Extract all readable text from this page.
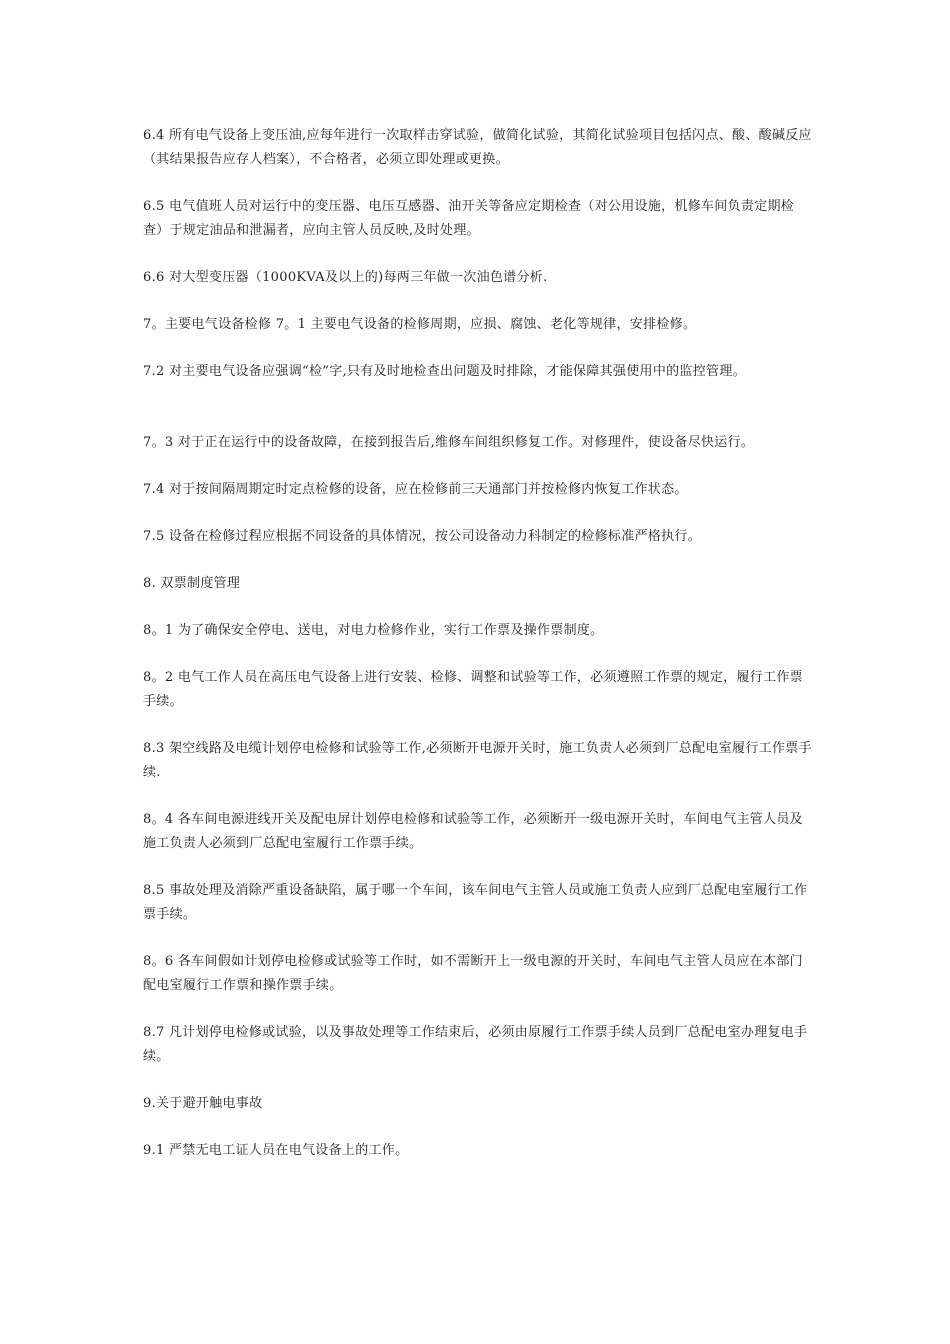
6.4 所有电气设备上变压油,应每年进行一次取样击穿试验，做简化试验，其简化试验项目包括闪点、酸、酸碱反应（其结果报告应存人档案），不合格者，必须立即处理或更换。

6.5 电气值班人员对运行中的变压器、电压互感器、油开关等备应定期检查（对公用设施，机修车间负责定期检查）于规定油品和泄漏者，应向主管人员反映,及时处理。

6.6 对大型变压器（1000KVA及以上的)每两三年做一次油色谱分析.

7。主要电气设备检修 7。1 主要电气设备的检修周期，应损、腐蚀、老化等规律，安排检修。

7.2 对主要电气设备应强调“检”字,只有及时地检查出问题及时排除，才能保障其强使用中的监控管理。

7。3 对于正在运行中的设备故障，在接到报告后,维修车间组织修复工作。对修理件，使设备尽快运行。

7.4 对于按间隔周期定时定点检修的设备，应在检修前三天通部门并按检修内恢复工作状态。

7.5 设备在检修过程应根据不同设备的具体情况，按公司设备动力科制定的检修标准严格执行。

8. 双票制度管理

8。1 为了确保安全停电、送电，对电力检修作业，实行工作票及操作票制度。

8。2 电气工作人员在高压电气设备上进行安装、检修、调整和试验等工作，必须遵照工作票的规定，履行工作票手续。

8.3 架空线路及电缆计划停电检修和试验等工作,必须断开电源开关时，施工负责人必须到厂总配电室履行工作票手续.

8。4 各车间电源进线开关及配电屏计划停电检修和试验等工作，必须断开一级电源开关时，车间电气主管人员及施工负责人必须到厂总配电室履行工作票手续。

8.5 事故处理及消除严重设备缺陷，属于哪一个车间，该车间电气主管人员或施工负责人应到厂总配电室履行工作票手续。

8。6 各车间假如计划停电检修或试验等工作时，如不需断开上一级电源的开关时，车间电气主管人员应在本部门配电室履行工作票和操作票手续。

8.7 凡计划停电检修或试验，以及事故处理等工作结束后，必须由原履行工作票手续人员到厂总配电室办理复电手续。

9.关于避开触电事故

9.1 严禁无电工证人员在电气设备上的工作。
